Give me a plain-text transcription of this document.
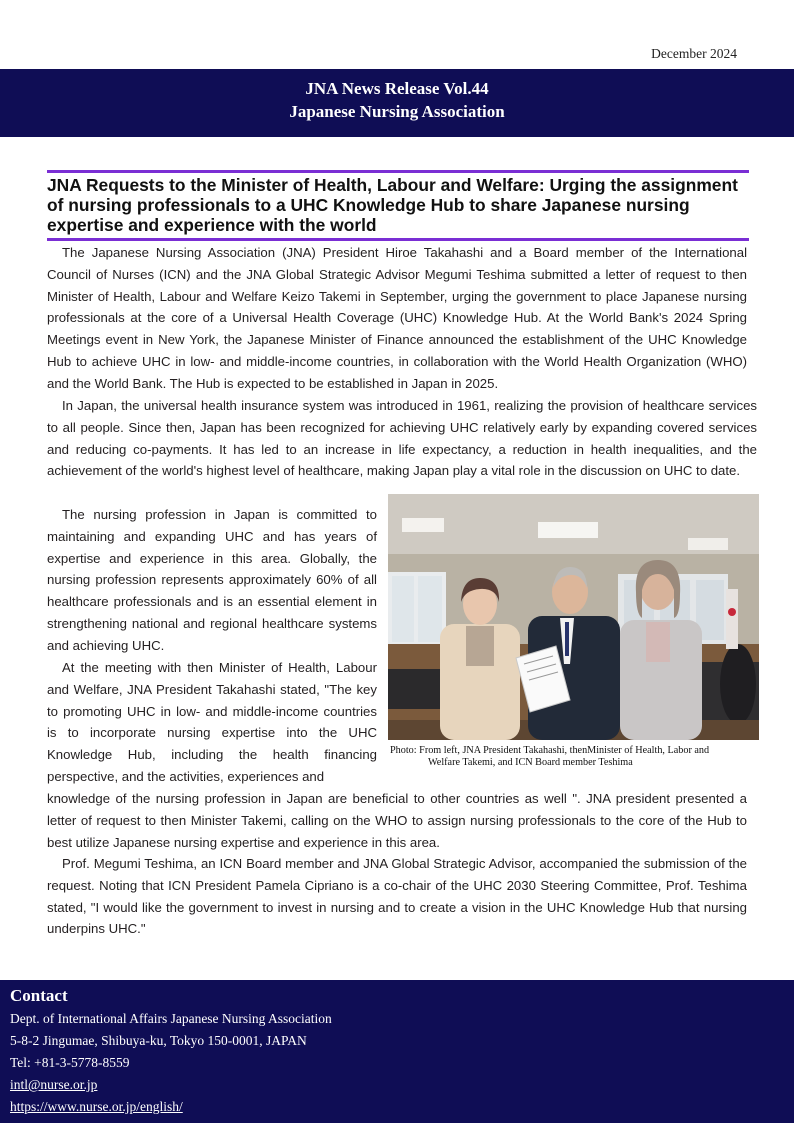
December 2024
JNA News Release Vol.44
Japanese Nursing Association
JNA Requests to the Minister of Health, Labour and Welfare: Urging the assignment of nursing professionals to a UHC Knowledge Hub to share Japanese nursing expertise and experience with the world

The Japanese Nursing Association (JNA) President Hiroe Takahashi and a Board member of the International Council of Nurses (ICN) and the JNA Global Strategic Advisor Megumi Teshima submitted a letter of request to then Minister of Health, Labour and Welfare Keizo Takemi in September, urging the government to place Japanese nursing professionals at the core of a Universal Health Coverage (UHC) Knowledge Hub. At the World Bank's 2024 Spring Meetings event in New York, the Japanese Minister of Finance announced the establishment of the UHC Knowledge Hub to achieve UHC in low- and middle-income countries, in collaboration with the World Health Organization (WHO) and the World Bank. The Hub is expected to be established in Japan in 2025.

In Japan, the universal health insurance system was introduced in 1961, realizing the provision of healthcare services to all people. Since then, Japan has been recognized for achieving UHC relatively early by expanding covered services and reducing co-payments. It has led to an increase in life expectancy, a reduction in health inequalities, and the achievement of the world's highest level of healthcare, making Japan play a vital role in the discussion on UHC to date.

The nursing profession in Japan is committed to maintaining and expanding UHC and has years of expertise and experience in this area. Globally, the nursing profession represents approximately 60% of all healthcare professionals and is an essential element in strengthening national and regional healthcare systems and achieving UHC.

At the meeting with then Minister of Health, Labour and Welfare, JNA President Takahashi stated, "The key to promoting UHC in low- and middle-income countries is to incorporate nursing expertise into the UHC Knowledge Hub, including the health financing perspective, and the activities, experiences and

knowledge of the nursing profession in Japan are beneficial to other countries as well ". JNA president presented a letter of request to then Minister Takemi, calling on the WHO to assign nursing professionals to the core of the Hub to best utilize Japanese nursing expertise and experience in this area.

Prof. Megumi Teshima, an ICN Board member and JNA Global Strategic Advisor, accompanied the submission of the request. Noting that ICN President Pamela Cipriano is a co-chair of the UHC 2030 Steering Committee, Prof. Teshima stated, "I would like the government to invest in nursing and to create a vision in the UHC Knowledge Hub that nursing underpins UHC."

Photo: From left, JNA President Takahashi, thenMinister of Health, Labor and
Welfare Takemi, and ICN Board member Teshima
Contact
Dept. of International Affairs Japanese Nursing Association
5-8-2 Jingumae, Shibuya-ku, Tokyo 150-0001, JAPAN
Tel: +81-3-5778-8559
intl@nurse.or.jp
https://www.nurse.or.jp/english/
